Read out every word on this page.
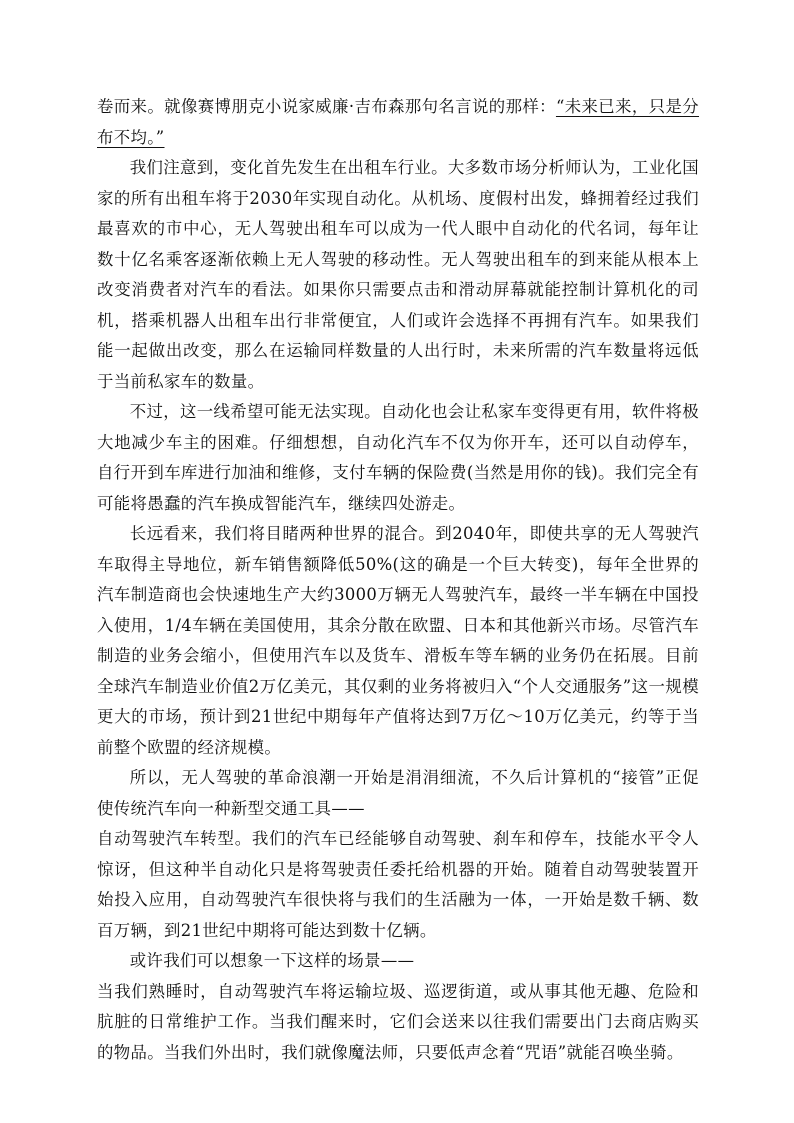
卷而来。就像赛博朋克小说家威廉·吉布森那句名言说的那样：“未来已来，只是分布不均。”

我们注意到，变化首先发生在出租车行业。大多数市场分析师认为，工业化国家的所有出租车将于2030年实现自动化。从机场、度假村出发，蜂拥着经过我们最喜欢的市中心，无人驾驶出租车可以成为一代人眼中自动化的代名词，每年让数十亿名乘客逐渐依赖上无人驾驶的移动性。无人驾驶出租车的到来能从根本上改变消费者对汽车的看法。如果你只需要点击和滑动屏幕就能控制计算机化的司机，搭乘机器人出租车出行非常便宜，人们或许会选择不再拥有汽车。如果我们能一起做出改变，那么在运输同样数量的人出行时，未来所需的汽车数量将远低于当前私家车的数量。

不过，这一线希望可能无法实现。自动化也会让私家车变得更有用，软件将极大地减少车主的困难。仔细想想，自动化汽车不仅为你开车，还可以自动停车，自行开到车库进行加油和维修，支付车辆的保险费(当然是用你的钱)。我们完全有可能将愚蠢的汽车换成智能汽车，继续四处游走。

长远看来，我们将目睹两种世界的混合。到2040年，即使共享的无人驾驶汽车取得主导地位，新车销售额降低50%(这的确是一个巨大转变)，每年全世界的汽车制造商也会快速地生产大约3000万辆无人驾驶汽车，最终一半车辆在中国投入使用，1/4车辆在美国使用，其余分散在欧盟、日本和其他新兴市场。尽管汽车制造的业务会缩小，但使用汽车以及货车、滑板车等车辆的业务仍在拓展。目前全球汽车制造业价值2万亿美元，其仅剩的业务将被归入“个人交通服务”这一规模更大的市场，预计到21世纪中期每年产值将达到7万亿～10万亿美元，约等于当前整个欧盟的经济规模。

所以，无人驾驶的革命浪潮一开始是涓涓细流，不久后计算机的“接管”正促使传统汽车向一种新型交通工具——

自动驾驶汽车转型。我们的汽车已经能够自动驾驶、刹车和停车，技能水平令人惊讶，但这种半自动化只是将驾驶责任委托给机器的开始。随着自动驾驶装置开始投入应用，自动驾驶汽车很快将与我们的生活融为一体，一开始是数千辆、数百万辆，到21世纪中期将可能达到数十亿辆。

或许我们可以想象一下这样的场景——

当我们熟睡时，自动驾驶汽车将运输垃圾、巡逻街道，或从事其他无趣、危险和肮脏的日常维护工作。当我们醒来时，它们会送来以往我们需要出门去商店购买的物品。当我们外出时，我们就像魔法师，只要低声念着“咒语”就能召唤坐骑。
